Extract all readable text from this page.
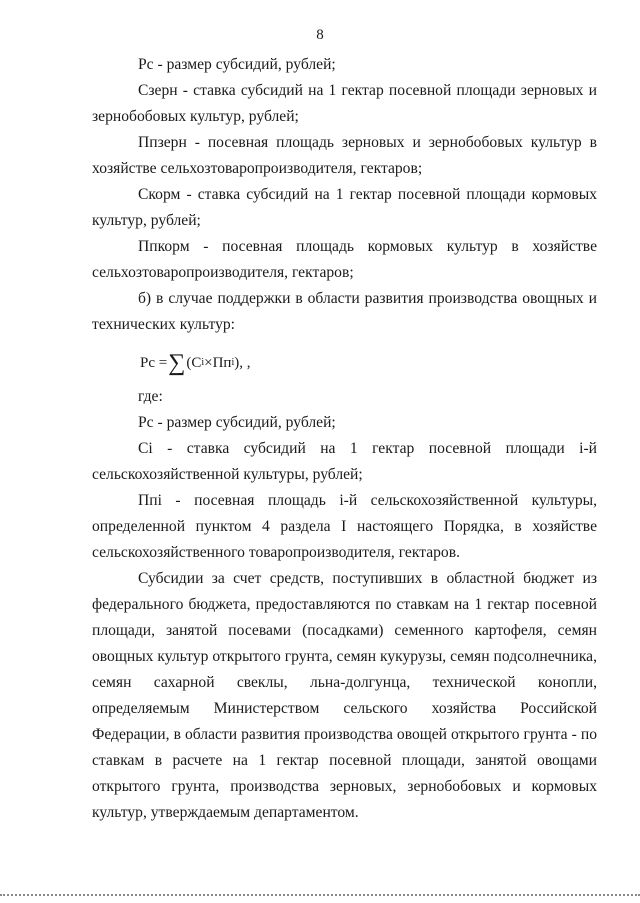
8

Рс - размер субсидий, рублей;

Сзерн - ставка субсидий на 1 гектар посевной площади зерновых и зернобобовых культур, рублей;

Ппзерн - посевная площадь зерновых и зернобобовых культур в хозяйстве сельхозтоваропроизводителя, гектаров;

Скорм - ставка субсидий на 1 гектар посевной площади кормовых культур, рублей;

Ппкорм - посевная площадь кормовых культур в хозяйстве сельхозтоваропроизводителя, гектаров;

б) в случае поддержки в области развития производства овощных и технических культур:

Рс = ∑ (С i ×Пп i ), ,

где:

Рс - размер субсидий, рублей;

Сi - ставка субсидий на 1 гектар посевной площади i-й сельскохозяйственной культуры, рублей;

Ппi - посевная площадь i-й сельскохозяйственной культуры, определенной пунктом 4 раздела I настоящего Порядка, в хозяйстве сельскохозяйственного товаропроизводителя, гектаров.

Субсидии за счет средств, поступивших в областной бюджет из федерального бюджета, предоставляются по ставкам на 1 гектар посевной площади, занятой посевами (посадками) семенного картофеля, семян овощных культур открытого грунта, семян кукурузы, семян подсолнечника, семян сахарной свеклы, льна-долгунца, технической конопли, определяемым Министерством сельского хозяйства Российской Федерации, в области развития производства овощей открытого грунта - по ставкам в расчете на 1 гектар посевной площади, занятой овощами открытого грунта, производства зерновых, зернобобовых и кормовых культур, утверждаемым департаментом.
